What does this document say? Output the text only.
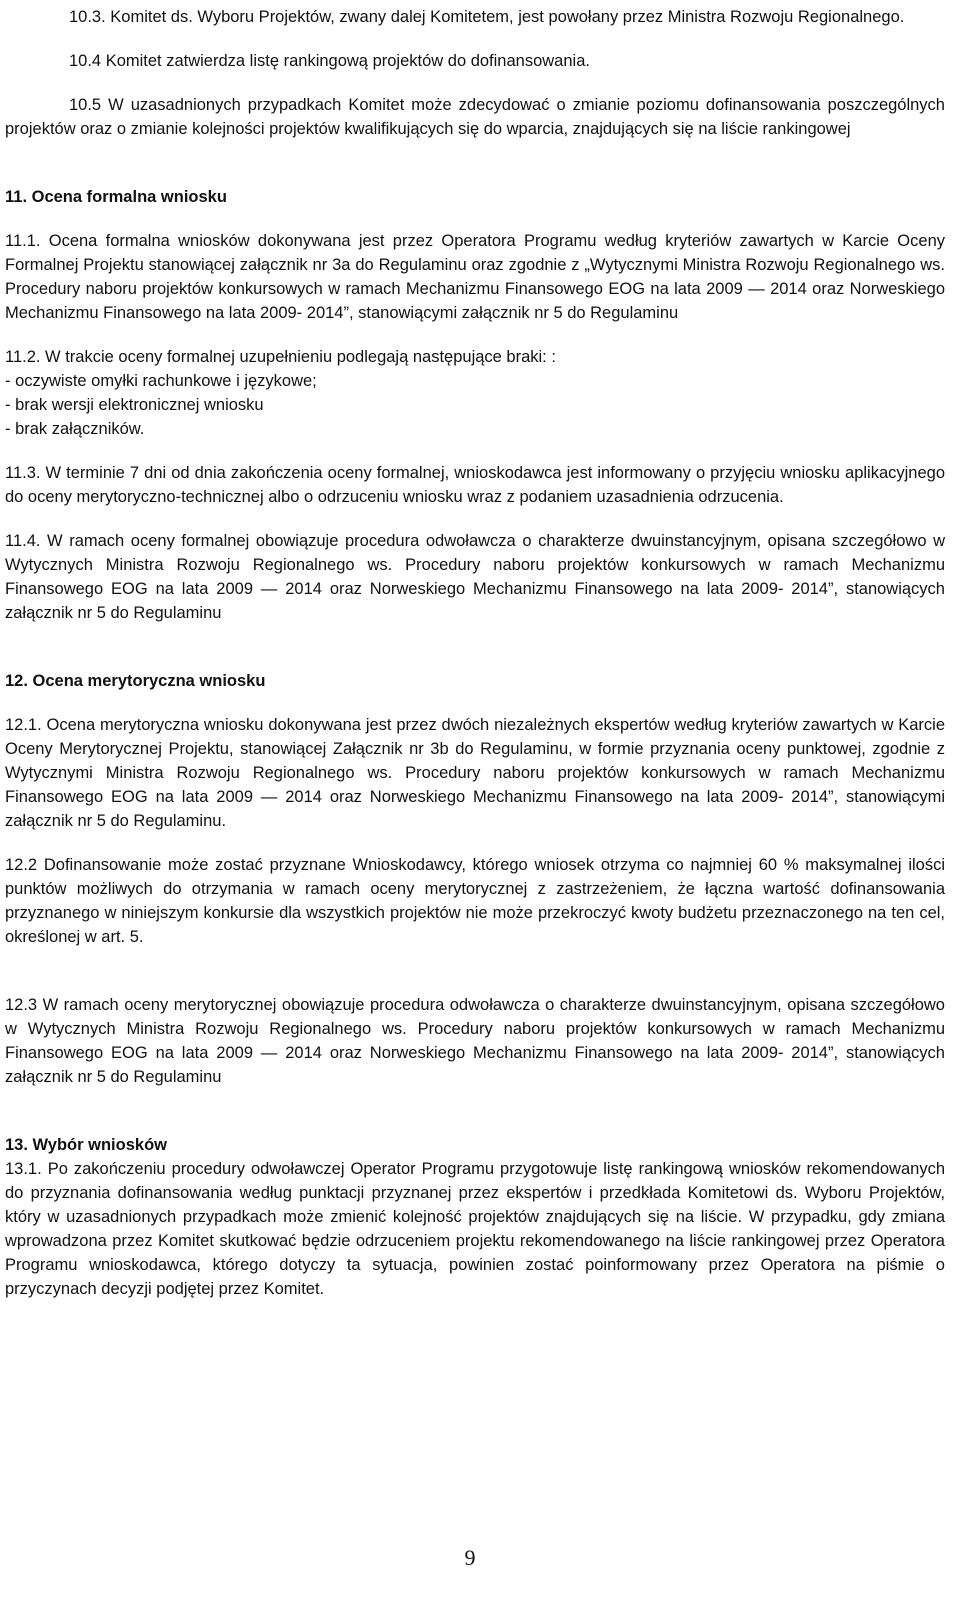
10.3. Komitet ds. Wyboru Projektów, zwany dalej Komitetem, jest powołany przez Ministra Rozwoju Regionalnego.

10.4 Komitet zatwierdza listę rankingową projektów do dofinansowania.

10.5 W uzasadnionych przypadkach Komitet może zdecydować o zmianie poziomu dofinansowania poszczególnych projektów oraz o zmianie kolejności projektów kwalifikujących się do wparcia, znajdujących się na liście rankingowej

11. Ocena formalna wniosku

11.1. Ocena formalna wniosków dokonywana jest przez Operatora Programu według kryteriów zawartych w Karcie Oceny Formalnej Projektu stanowiącej załącznik nr 3a do Regulaminu oraz zgodnie z „Wytycznymi Ministra Rozwoju Regionalnego ws. Procedury naboru projektów konkursowych w ramach Mechanizmu Finansowego EOG na lata 2009 — 2014 oraz Norweskiego Mechanizmu Finansowego na lata 2009- 2014”, stanowiącymi załącznik nr 5 do Regulaminu

11.2. W trakcie oceny formalnej uzupełnieniu podlegają następujące braki: :

- oczywiste omyłki rachunkowe i językowe;

- brak wersji elektronicznej wniosku

- brak załączników.

11.3. W terminie 7 dni od dnia zakończenia oceny formalnej, wnioskodawca jest informowany o przyjęciu wniosku aplikacyjnego do oceny merytoryczno-technicznej albo o odrzuceniu wniosku wraz z podaniem uzasadnienia odrzucenia.

11.4. W ramach oceny formalnej obowiązuje procedura odwoławcza o charakterze dwuinstancyjnym, opisana szczegółowo w Wytycznych Ministra Rozwoju Regionalnego ws. Procedury naboru projektów konkursowych w ramach Mechanizmu Finansowego EOG na lata 2009 — 2014 oraz Norweskiego Mechanizmu Finansowego na lata 2009- 2014”, stanowiących załącznik nr 5 do Regulaminu

12. Ocena merytoryczna wniosku

12.1. Ocena merytoryczna wniosku dokonywana jest przez dwóch niezależnych ekspertów według kryteriów zawartych w Karcie Oceny Merytorycznej Projektu, stanowiącej Załącznik nr 3b do Regulaminu, w formie przyznania oceny punktowej, zgodnie z Wytycznymi Ministra Rozwoju Regionalnego ws. Procedury naboru projektów konkursowych w ramach Mechanizmu Finansowego EOG na lata 2009 — 2014 oraz Norweskiego Mechanizmu Finansowego na lata 2009- 2014”, stanowiącymi załącznik nr 5 do Regulaminu.

12.2 Dofinansowanie może zostać przyznane Wnioskodawcy, którego wniosek otrzyma co najmniej 60 % maksymalnej ilości punktów możliwych do otrzymania w ramach oceny merytorycznej z zastrzeżeniem, że łączna wartość dofinansowania przyznanego w niniejszym konkursie dla wszystkich projektów nie może przekroczyć kwoty budżetu przeznaczonego na ten cel, określonej w art. 5.

12.3 W ramach oceny merytorycznej obowiązuje procedura odwoławcza o charakterze dwuinstancyjnym, opisana szczegółowo w Wytycznych Ministra Rozwoju Regionalnego ws. Procedury naboru projektów konkursowych w ramach Mechanizmu Finansowego EOG na lata 2009 — 2014 oraz Norweskiego Mechanizmu Finansowego na lata 2009- 2014”, stanowiących załącznik nr 5 do Regulaminu

13. Wybór wniosków

13.1. Po zakończeniu procedury odwoławczej Operator Programu przygotowuje listę rankingową wniosków rekomendowanych do przyznania dofinansowania według punktacji przyznanej przez ekspertów i przedkłada Komitetowi ds. Wyboru Projektów, który w uzasadnionych przypadkach może zmienić kolejność projektów znajdujących się na liście. W przypadku, gdy zmiana wprowadzona przez Komitet skutkować będzie odrzuceniem projektu rekomendowanego na liście rankingowej przez Operatora Programu wnioskodawca, którego dotyczy ta sytuacja, powinien zostać poinformowany przez Operatora na piśmie o przyczynach decyzji podjętej przez Komitet.

9
